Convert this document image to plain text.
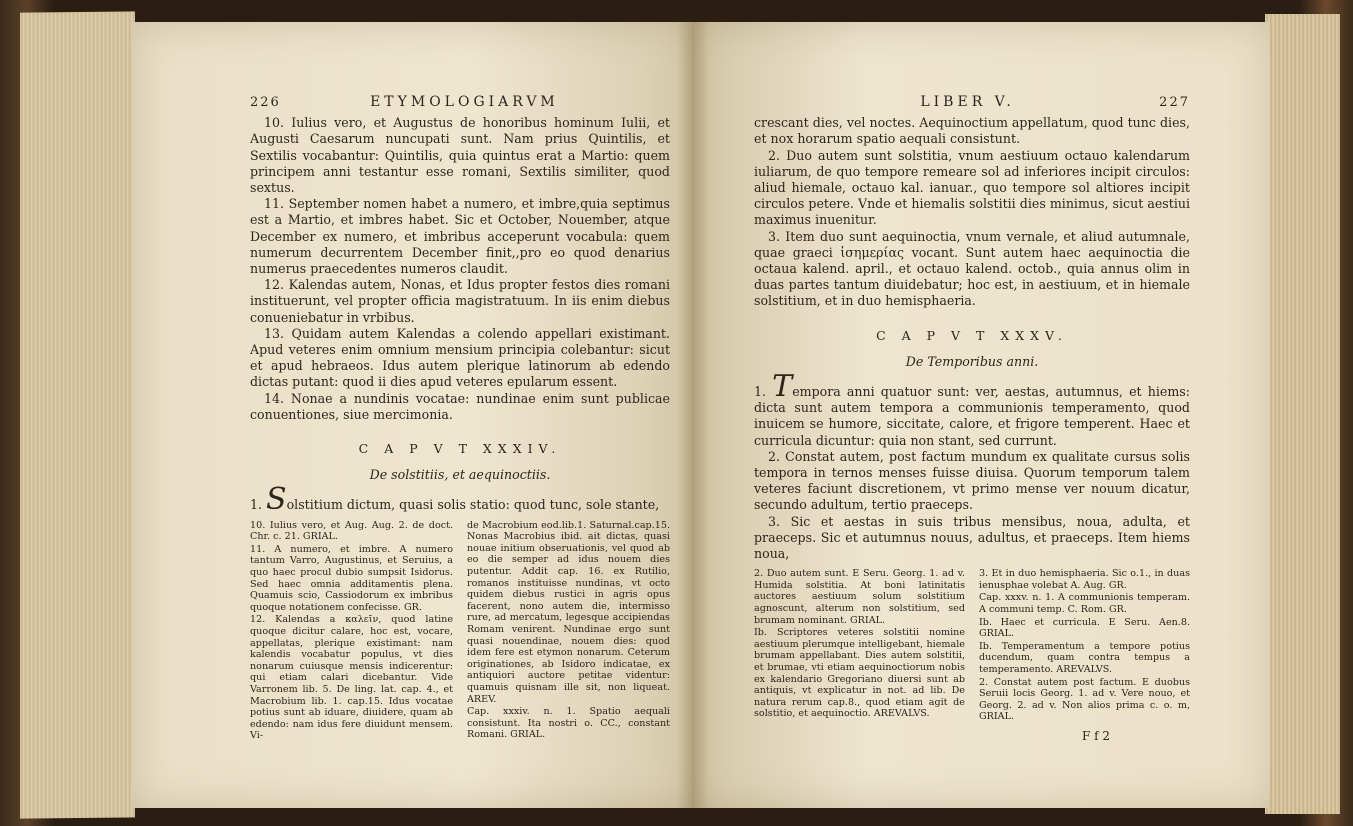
226	ETYMOLOGIARVM

10. Iulius vero, et Augustus de honoribus hominum Iulii, et Augusti Caesarum nuncupati sunt. Nam prius Quintilis, et Sextilis vocabantur: Quintilis, quia quintus erat a Martio: quem principem anni testantur esse romani, Sextilis similiter, quod sextus.

11. September nomen habet a numero, et imbre,quia septimus est a Martio, et imbres habet. Sic et October, Nouember, atque December ex numero, et imbribus acceperunt vocabula: quem numerum decurrentem December finit,,pro eo quod denarius numerus praecedentes numeros claudit.

12. Kalendas autem, Nonas, et Idus propter festos dies romani instituerunt, vel propter officia magistratuum. In iis enim diebus conueniebatur in vrbibus.

13. Quidam autem Kalendas a colendo appellari existimant. Apud veteres enim omnium mensium principia colebantur: sicut et apud hebraeos. Idus autem plerique latinorum ab edendo dictas putant: quod ii dies apud veteres epularum essent.

14. Nonae a nundinis vocatae: nundinae enim sunt publicae conuentiones, siue mercimonia.

C A P V T XXXIV.
De solstitiis, et aequinoctiis.

1. Solstitium dictum, quasi solis statio: quod tunc, sole stante,

10. Iulius vero, et Aug. Aug. 2. de doct. Chr. c. 21. GRIAL.
11. A numero, et imbre. A numero tantum Varro, Augustinus, et Seruius, a quo haec procul dubio sumpsit Isidorus. Sed haec omnia additamentis plena. Quamuis scio, Cassiodorum ex imbribus quoque notationem confecisse. GR.
12. Kalendas a καλεῖν, quod latine quoque dicitur calare, hoc est, vocare, appellatas, plerique existimant: nam kalendis vocabatur populus, vt dies nonarum cuiusque mensis indicerentur: qui etiam calari dicebantur. Vide Varronem lib. 5. De ling. lat. cap. 4., et Macrobium lib. 1. cap.15. Idus vocatae potius sunt ab iduare, diuidere, quam ab edendo: nam idus fere diuidunt mensem. Vi-
de Macrobium eod.lib.1. Saturnal.cap.15. Nonas Macrobius ibid. ait dictas, quasi nouae initium obseruationis, vel quod ab eo die semper ad idus nouem dies putentur. Addit cap. 16. ex Rutilio, romanos instituisse nundinas, vt octo quidem diebus rustici in agris opus facerent, nono autem die, intermisso rure, ad mercatum, legesque accipiendas Romam venirent. Nundinae ergo sunt quasi nouendinae, nouem dies: quod idem fere est etymon nonarum. Ceterum originationes, ab Isidoro indicatae, ex antiquiori auctore petitae videntur: quamuis quisnam ille sit, non liqueat. AREV.
Cap. xxxiv. n. 1. Spatio aequali consistunt. Ita nostri o. CC., constant Romani. GRIAL.
LIBER V.	227

crescant dies, vel noctes. Aequinoctium appellatum, quod tunc dies, et nox horarum spatio aequali consistunt.

2. Duo autem sunt solstitia, vnum aestiuum octauo kalendarum iuliarum, de quo tempore remeare sol ad inferiores incipit circulos: aliud hiemale, octauo kal. ianuar., quo tempore sol altiores incipit circulos petere. Vnde et hiemalis solstitii dies minimus, sicut aestiui maximus inuenitur.

3. Item duo sunt aequinoctia, vnum vernale, et aliud autumnale, quae graeci ἰσημερίας vocant. Sunt autem haec aequinoctia die octaua kalend. april., et octauo kalend. octob., quia annus olim in duas partes tantum diuidebatur; hoc est, in aestiuum, et in hiemale solstitium, et in duo hemisphaeria.

C A P V T XXXV.
De Temporibus anni.

1. Tempora anni quatuor sunt: ver, aestas, autumnus, et hiems: dicta sunt autem tempora a communionis temperamento, quod inuicem se humore, siccitate, calore, et frigore temperent. Haec et curricula dicuntur: quia non stant, sed currunt.

2. Constat autem, post factum mundum ex qualitate cursus solis tempora in ternos menses fuisse diuisa. Quorum temporum talem veteres faciunt discretionem, vt primo mense ver nouum dicatur, secundo adultum, tertio praeceps.

3. Sic et aestas in suis tribus mensibus, noua, adulta, et praeceps. Sic et autumnus nouus, adultus, et praeceps. Item hiems noua,

2. Duo autem sunt. E Seru. Georg. 1. ad v. Humida solstitia. At boni latinitatis auctores aestiuum solum solstitium agnoscunt, alterum non solstitium, sed brumam nominant. GRIAL.
Ib. Scriptores veteres solstitii nomine aestiuum plerumque intelligebant, hiemale brumam appellabant. Dies autem solstitii, et brumae, vti etiam aequinoctiorum nobis ex kalendario Gregoriano diuersi sunt ab antiquis, vt explicatur in not. ad lib. De natura rerum cap.8., quod etiam agit de solstitio, et aequinoctio. AREVALVS.
3. Et in duo hemisphaeria. Sic o.1., in duas ienusphae volebat A. Aug. GR.
Cap. xxxv. n. 1. A communionis temperam. A communi temp. C. Rom. GR.
Ib. Haec et curricula. E Seru. Aen.8. GRIAL.
Ib. Temperamentum a tempore potius ducendum, quam contra tempus a temperamento. AREVALVS.
2. Constat autem post factum. E duobus Seruii locis Georg. 1. ad v. Vere nouo, et Georg. 2. ad v. Non alios prima c. o. m, GRIAL.
F f 2
